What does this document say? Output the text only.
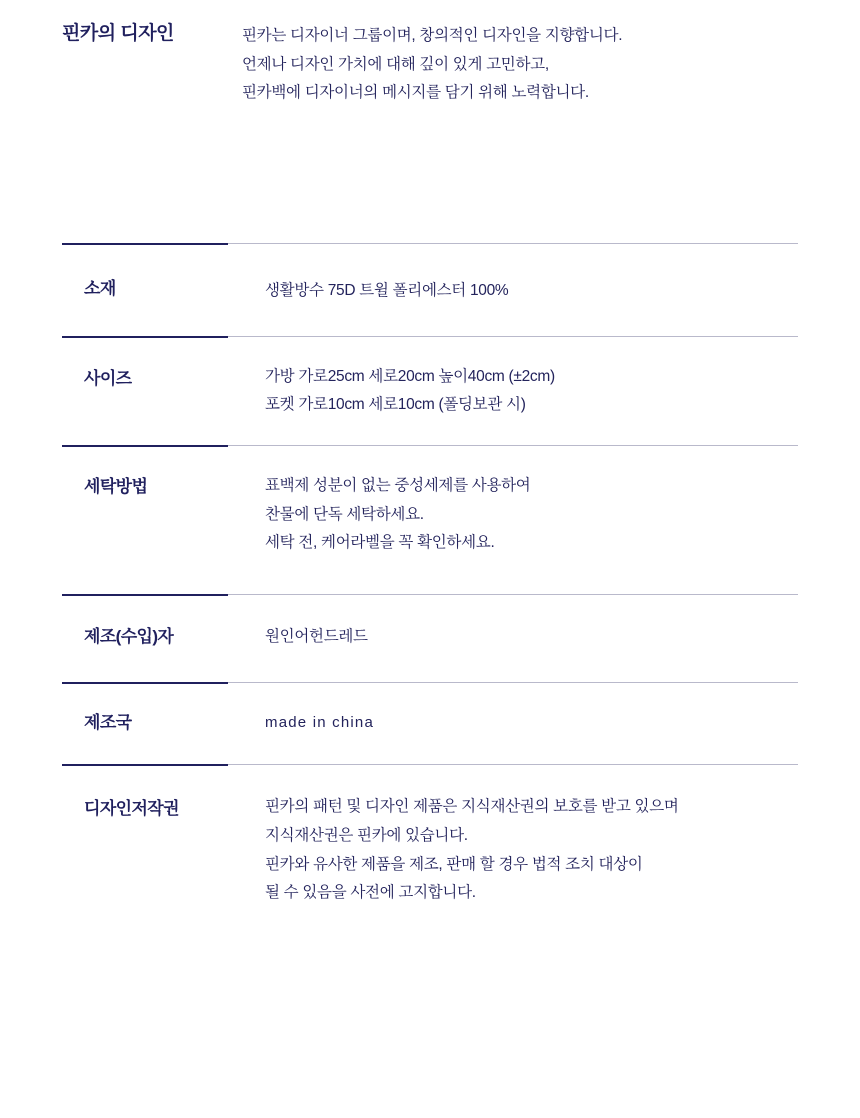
핀카의 디자인	핀카는 디자이너 그룹이며, 창의적인 디자인을 지향합니다.
언제나 디자인 가치에 대해 깊이 있게 고민하고,
핀카백에 디자이너의 메시지를 담기 위해 노력합니다.
소재	생활방수 75D 트윌 폴리에스터 100%
사이즈	가방 가로25cm 세로20cm 높이40cm (±2cm)
포켓 가로10cm 세로10cm (폴딩보관 시)
세탁방법	표백제 성분이 없는 중성세제를 사용하여
찬물에 단독 세탁하세요.
세탁 전, 케어라벨을 꼭 확인하세요.
제조(수입)자	원인어헌드레드
제조국	made in china
디자인저작권	핀카의 패턴 및 디자인 제품은 지식재산권의 보호를 받고 있으며
지식재산권은 핀카에 있습니다.
핀카와 유사한 제품을 제조, 판매 할 경우 법적 조치 대상이
될 수 있음을 사전에 고지합니다.
